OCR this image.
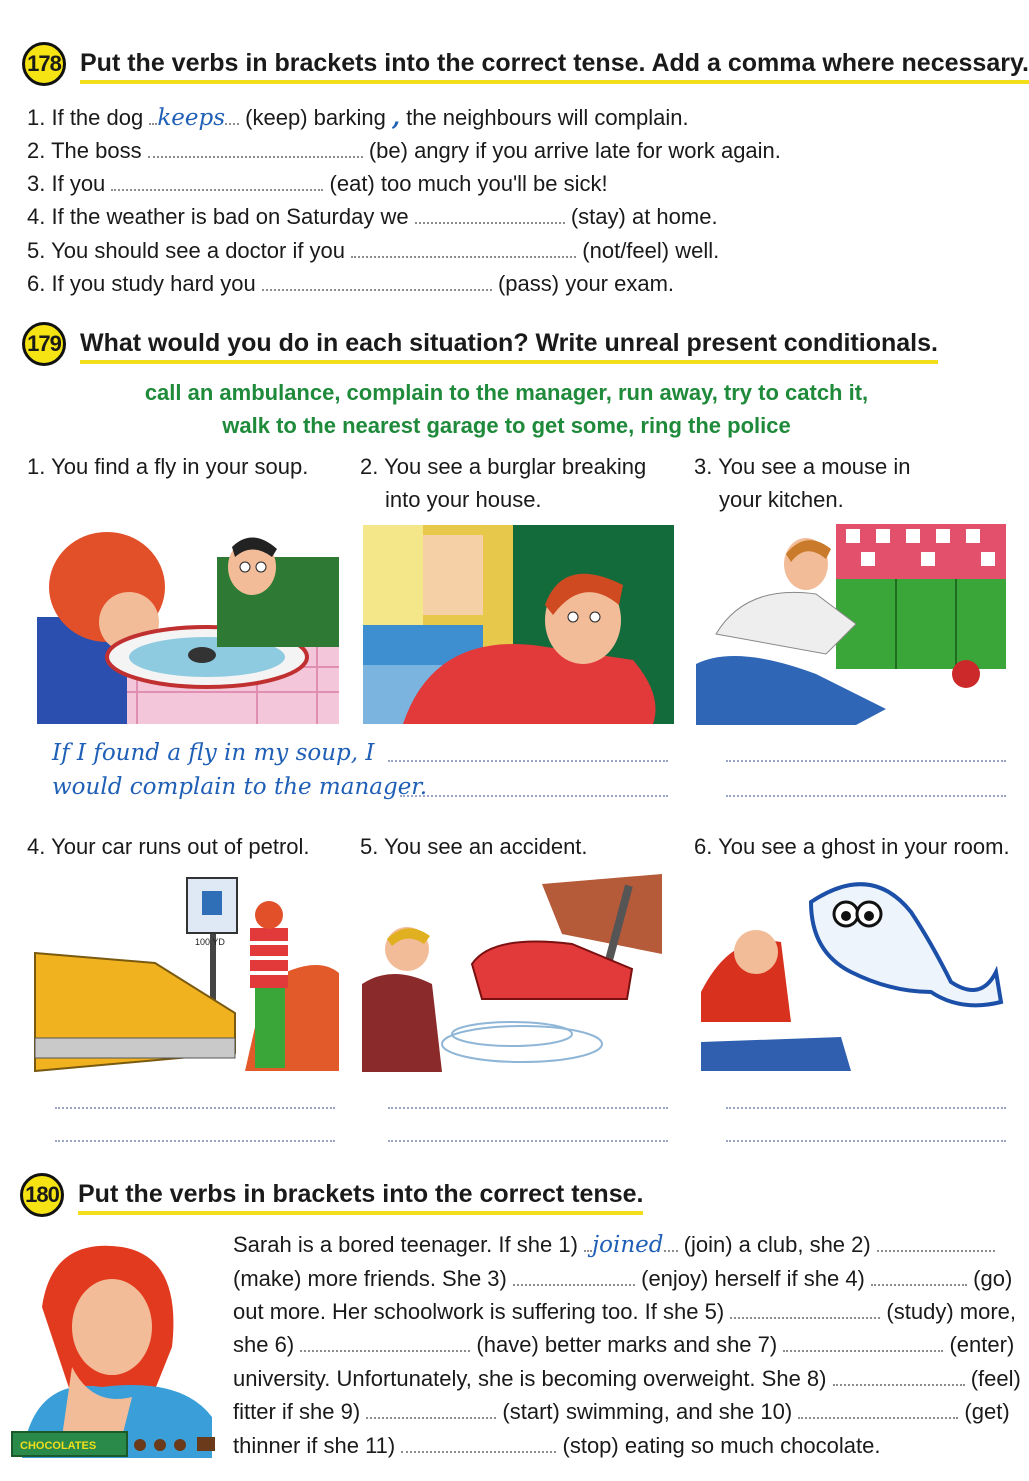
178 Put the verbs in brackets into the correct tense. Add a comma where necessary.
1. If the dog keeps (keep) barking , the neighbours will complain.
2. The boss	(be) angry if you arrive late for work again.
3. If you	(eat) too much you'll be sick!
4. If the weather is bad on Saturday we	(stay) at home.
5. You should see a doctor if you	(not/feel) well.
6. If you study hard you	(pass) your exam.
179 What would you do in each situation? Write unreal present conditionals.
call an ambulance, complain to the manager, run away, try to catch it,
walk to the nearest garage to get some, ring the police
1. You find a fly in your soup. 2. You see a burglar breaking
into your house.
3. You see a mouse in
your kitchen.
If I found a fly in my soup, I
would complain to the manager.
4. Your car runs out of petrol. 5. You see an accident.	6. You see a ghost in your room.
100 YD
180 Put the verbs in brackets into the correct tense.
CHOCOLATES
Sarah is a bored teenager. If she 1) joined (join) a club, she 2)
(make) more friends. She 3)	(enjoy) herself if she 4)	(go)
out more. Her schoolwork is suffering too. If she 5)	(study) more,
she 6)	(have) better marks and she 7)	(enter)
university. Unfortunately, she is becoming overweight. She 8)	(feel)
fitter if she 9)	(start) swimming, and she 10)	(get)
thinner if she 11)	(stop) eating so much chocolate.
